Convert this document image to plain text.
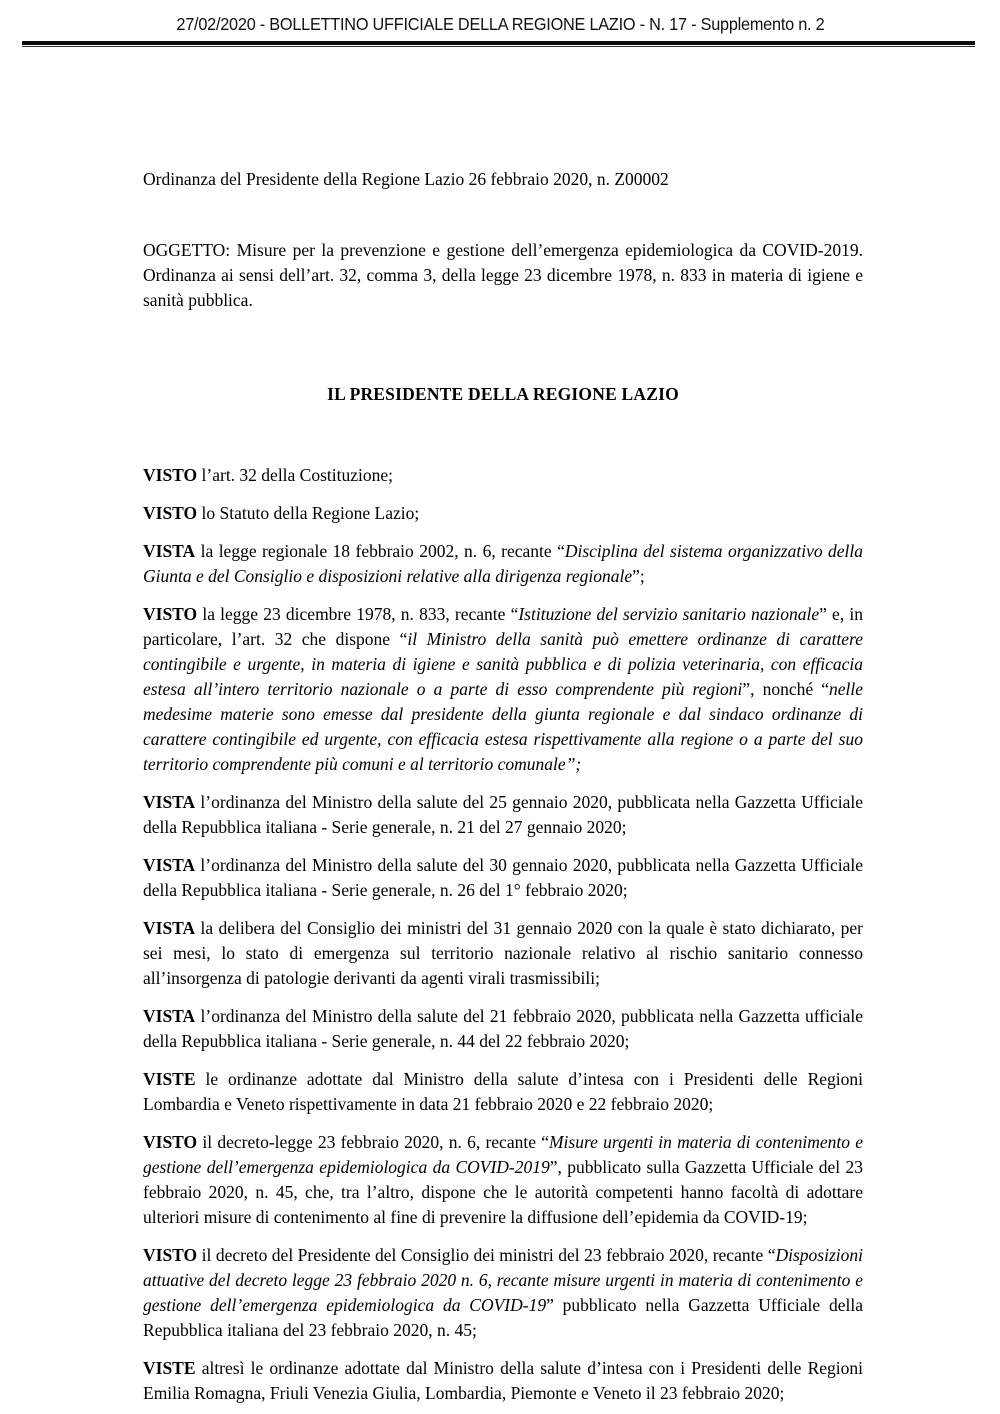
27/02/2020 - BOLLETTINO UFFICIALE DELLA REGIONE LAZIO - N. 17 - Supplemento n. 2
Ordinanza del Presidente della Regione Lazio 26 febbraio 2020, n. Z00002
OGGETTO: Misure per la prevenzione e gestione dell’emergenza epidemiologica da COVID-2019. Ordinanza ai sensi dell’art. 32, comma 3, della legge 23 dicembre 1978, n. 833 in materia di igiene e sanità pubblica.
IL PRESIDENTE DELLA REGIONE LAZIO

VISTO l’art. 32 della Costituzione;

VISTO lo Statuto della Regione Lazio;

VISTA la legge regionale 18 febbraio 2002, n. 6, recante “Disciplina del sistema organizzativo della Giunta e del Consiglio e disposizioni relative alla dirigenza regionale”;

VISTO la legge 23 dicembre 1978, n. 833, recante “Istituzione del servizio sanitario nazionale” e, in particolare, l’art. 32 che dispone “il Ministro della sanità può emettere ordinanze di carattere contingibile e urgente, in materia di igiene e sanità pubblica e di polizia veterinaria, con efficacia estesa all’intero territorio nazionale o a parte di esso comprendente più regioni”, nonché “nelle medesime materie sono emesse dal presidente della giunta regionale e dal sindaco ordinanze di carattere contingibile ed urgente, con efficacia estesa rispettivamente alla regione o a parte del suo territorio comprendente più comuni e al territorio comunale”;

VISTA l’ordinanza del Ministro della salute del 25 gennaio 2020, pubblicata nella Gazzetta Ufficiale della Repubblica italiana - Serie generale, n. 21 del 27 gennaio 2020;

VISTA l’ordinanza del Ministro della salute del 30 gennaio 2020, pubblicata nella Gazzetta Ufficiale della Repubblica italiana - Serie generale, n. 26 del 1° febbraio 2020;

VISTA la delibera del Consiglio dei ministri del 31 gennaio 2020 con la quale è stato dichiarato, per sei mesi, lo stato di emergenza sul territorio nazionale relativo al rischio sanitario connesso all’insorgenza di patologie derivanti da agenti virali trasmissibili;

VISTA l’ordinanza del Ministro della salute del 21 febbraio 2020, pubblicata nella Gazzetta ufficiale della Repubblica italiana - Serie generale, n. 44 del 22 febbraio 2020;

VISTE le ordinanze adottate dal Ministro della salute d’intesa con i Presidenti delle Regioni Lombardia e Veneto rispettivamente in data 21 febbraio 2020 e 22 febbraio 2020;

VISTO il decreto-legge 23 febbraio 2020, n. 6, recante “Misure urgenti in materia di contenimento e gestione dell’emergenza epidemiologica da COVID-2019”, pubblicato sulla Gazzetta Ufficiale del 23 febbraio 2020, n. 45, che, tra l’altro, dispone che le autorità competenti hanno facoltà di adottare ulteriori misure di contenimento al fine di prevenire la diffusione dell’epidemia da COVID-19;

VISTO il decreto del Presidente del Consiglio dei ministri del 23 febbraio 2020, recante “Disposizioni attuative del decreto legge 23 febbraio 2020 n. 6, recante misure urgenti in materia di contenimento e gestione dell’emergenza epidemiologica da COVID-19” pubblicato nella Gazzetta Ufficiale della Repubblica italiana del 23 febbraio 2020, n. 45;

VISTE altresì le ordinanze adottate dal Ministro della salute d’intesa con i Presidenti delle Regioni Emilia Romagna, Friuli Venezia Giulia, Lombardia, Piemonte e Veneto il 23 febbraio 2020;
